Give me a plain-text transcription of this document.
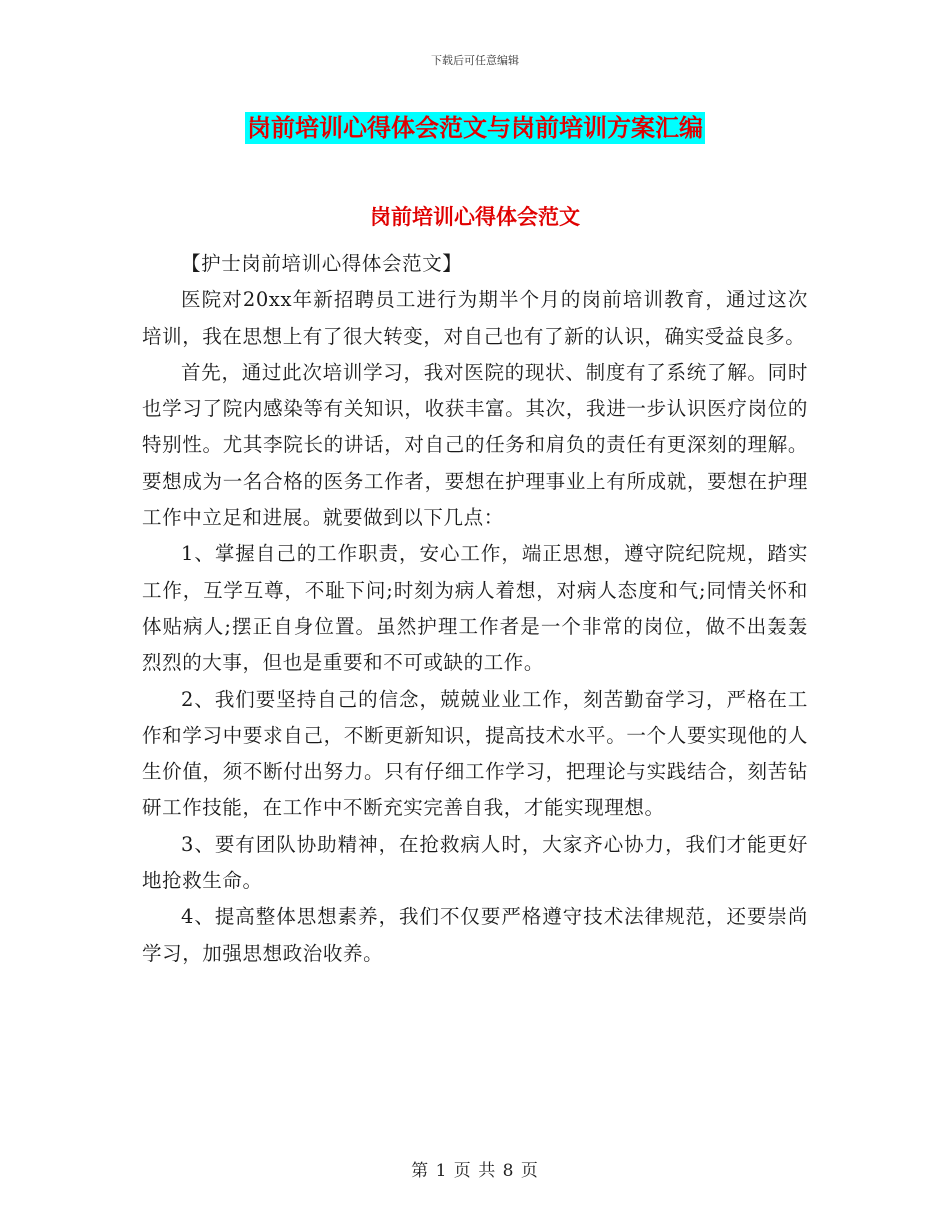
下载后可任意编辑
岗前培训心得体会范文与岗前培训方案汇编
岗前培训心得体会范文

【护士岗前培训心得体会范文】

医院对20xx年新招聘员工进行为期半个月的岗前培训教育，通过这次培训，我在思想上有了很大转变，对自己也有了新的认识，确实受益良多。

首先，通过此次培训学习，我对医院的现状、制度有了系统了解。同时也学习了院内感染等有关知识，收获丰富。其次，我进一步认识医疗岗位的特别性。尤其李院长的讲话，对自己的任务和肩负的责任有更深刻的理解。要想成为一名合格的医务工作者，要想在护理事业上有所成就，要想在护理工作中立足和进展。就要做到以下几点：

1、掌握自己的工作职责，安心工作，端正思想，遵守院纪院规，踏实工作，互学互尊，不耻下问;时刻为病人着想，对病人态度和气;同情关怀和体贴病人;摆正自身位置。虽然护理工作者是一个非常的岗位，做不出轰轰烈烈的大事，但也是重要和不可或缺的工作。

2、我们要坚持自己的信念，兢兢业业工作，刻苦勤奋学习，严格在工作和学习中要求自己，不断更新知识，提高技术水平。一个人要实现他的人生价值，须不断付出努力。只有仔细工作学习，把理论与实践结合，刻苦钻研工作技能，在工作中不断充实完善自我，才能实现理想。

3、要有团队协助精神，在抢救病人时，大家齐心协力，我们才能更好地抢救生命。

4、提高整体思想素养，我们不仅要严格遵守技术法律规范，还要崇尚学习，加强思想政治收养。

第 1 页 共 8 页
